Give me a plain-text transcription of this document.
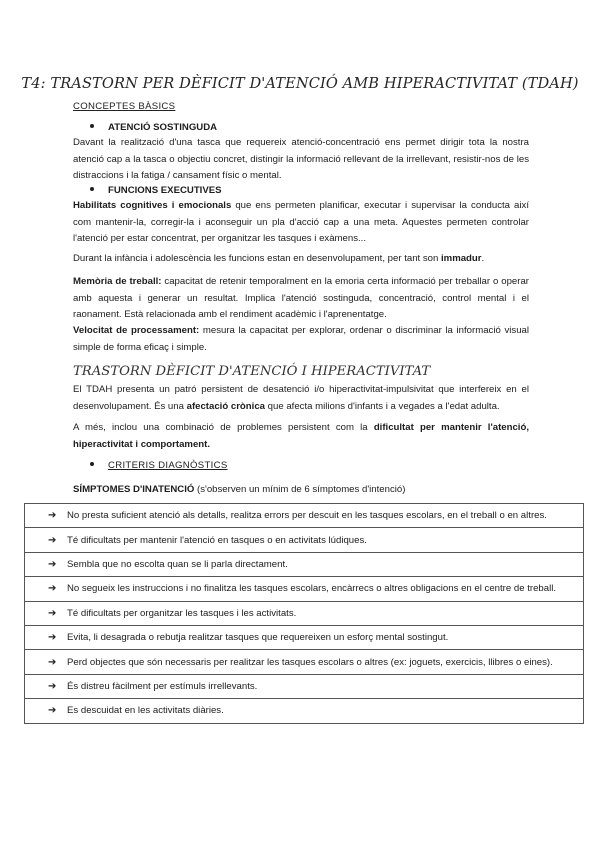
T4: TRASTORN PER DÈFICIT D'ATENCIÓ AMB HIPERACTIVITAT (TDAH)
CONCEPTES BÀSICS
ATENCIÓ SOSTINGUDA
Davant la realització d'una tasca que requereix atenció-concentració ens permet dirigir tota la nostra atenció cap a la tasca o objectiu concret, distingir la informació rellevant de la irrellevant, resistir-nos de les distraccions i la fatiga / cansament físic o mental.
FUNCIONS EXECUTIVES
Habilitats cognitives i emocionals que ens permeten planificar, executar i supervisar la conducta així com mantenir-la, corregir-la i aconseguir un pla d'acció cap a una meta. Aquestes permeten controlar l'atenció per estar concentrat, per organitzar les tasques i exàmens...
Durant la infància i adolescència les funcions estan en desenvolupament, per tant son immadur.
Memòria de treball: capacitat de retenir temporalment en la emoria certa informació per treballar o operar amb aquesta i generar un resultat. Implica l'atenció sostinguda, concentració, control mental i el raonament. Està relacionada amb el rendiment acadèmic i l'aprenentatge.
Velocitat de processament: mesura la capacitat per explorar, ordenar o discriminar la informació visual simple de forma eficaç i simple.
TRASTORN DÈFICIT D'ATENCIÓ I HIPERACTIVITAT
El TDAH presenta un patró persistent de desatenció i/o hiperactivitat-impulsivitat que interfereix en el desenvolupament. És una afectació crònica que afecta milions d'infants i a vegades a l'edat adulta.
A més, inclou una combinació de problemes persistent com la dificultat per mantenir l'atenció, hiperactivitat i comportament.
CRITERIS DIAGNÒSTICS
SÍMPTOMES D'INATENCIÓ (s'observen un mínim de 6 símptomes d'intenció)
➔ No presta suficient atenció als detalls, realitza errors per descuit en les tasques escolars, en el treball o en altres.
➔ Té dificultats per mantenir l'atenció en tasques o en activitats lúdiques.
➔ Sembla que no escolta quan se li parla directament.
➔ No segueix les instruccions i no finalitza les tasques escolars, encàrrecs o altres obligacions en el centre de treball.
➔ Té dificultats per organitzar les tasques i les activitats.
➔ Evita, li desagrada o rebutja realitzar tasques que requereixen un esforç mental sostingut.
➔ Perd objectes que són necessaris per realitzar les tasques escolars o altres (ex: joguets, exercicis, llibres o eines).
➔ És distreu fàcilment per estímuls irrellevants.
➔ Es descuidat en les activitats diàries.
